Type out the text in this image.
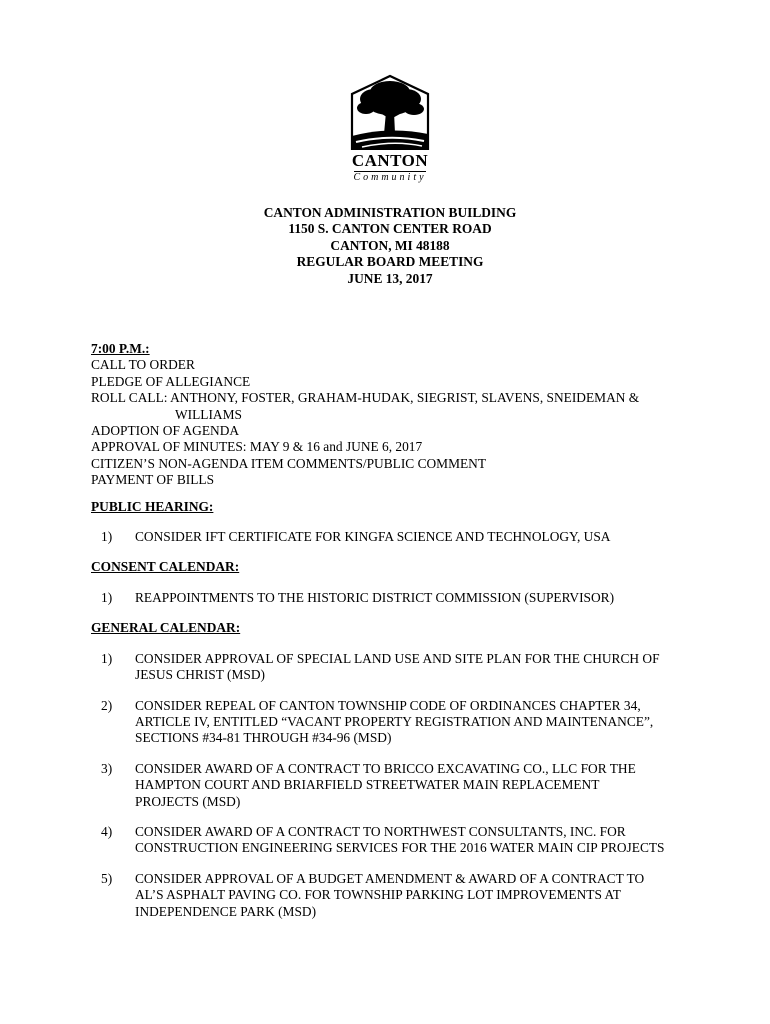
CANTON
Community
CANTON ADMINISTRATION BUILDING
1150 S. CANTON CENTER ROAD
CANTON, MI 48188
REGULAR BOARD MEETING
JUNE 13, 2017
7:00 P.M.:
CALL TO ORDER
PLEDGE OF ALLEGIANCE
ROLL CALL: ANTHONY, FOSTER, GRAHAM-HUDAK, SIEGRIST, SLAVENS, SNEIDEMAN &
WILLIAMS
ADOPTION OF AGENDA
APPROVAL OF MINUTES: MAY 9 & 16 and JUNE 6, 2017
CITIZEN’S NON-AGENDA ITEM COMMENTS/PUBLIC COMMENT
PAYMENT OF BILLS
PUBLIC HEARING:
1)	CONSIDER IFT CERTIFICATE FOR KINGFA SCIENCE AND TECHNOLOGY, USA
CONSENT CALENDAR:
1)	REAPPOINTMENTS TO THE HISTORIC DISTRICT COMMISSION (SUPERVISOR)
GENERAL CALENDAR:
1)	CONSIDER APPROVAL OF SPECIAL LAND USE AND SITE PLAN FOR THE CHURCH OF
JESUS CHRIST (MSD)
2)	CONSIDER REPEAL OF CANTON TOWNSHIP CODE OF ORDINANCES CHAPTER 34,
ARTICLE IV, ENTITLED “VACANT PROPERTY REGISTRATION AND MAINTENANCE”,
SECTIONS #34-81 THROUGH #34-96 (MSD)
3)	CONSIDER AWARD OF A CONTRACT TO BRICCO EXCAVATING CO., LLC FOR THE
HAMPTON COURT AND BRIARFIELD STREETWATER MAIN REPLACEMENT
PROJECTS (MSD)
4)	CONSIDER AWARD OF A CONTRACT TO NORTHWEST CONSULTANTS, INC. FOR
CONSTRUCTION ENGINEERING SERVICES FOR THE 2016 WATER MAIN CIP PROJECTS
5)	CONSIDER APPROVAL OF A BUDGET AMENDMENT & AWARD OF A CONTRACT TO
AL’S ASPHALT PAVING CO. FOR TOWNSHIP PARKING LOT IMPROVEMENTS AT
INDEPENDENCE PARK (MSD)
